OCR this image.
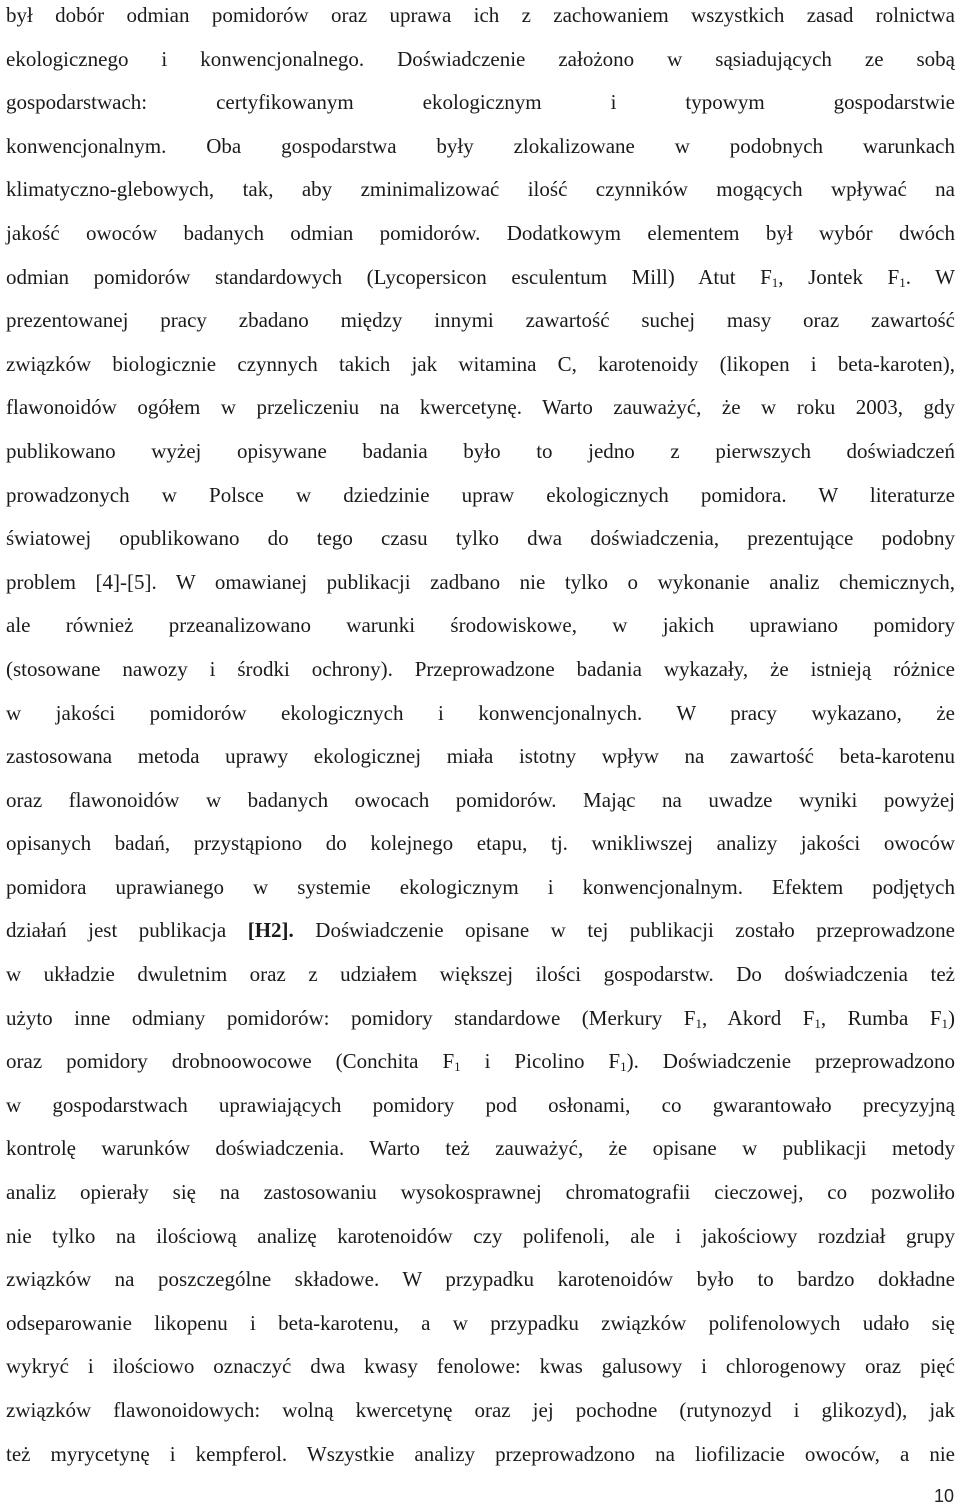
był dobór odmian pomidorów oraz uprawa ich z zachowaniem wszystkich zasad rolnictwa
ekologicznego i konwencjonalnego. Doświadczenie założono w sąsiadujących ze sobą
gospodarstwach: certyfikowanym ekologicznym i typowym gospodarstwie
konwencjonalnym. Oba gospodarstwa były zlokalizowane w podobnych warunkach
klimatyczno-glebowych, tak, aby zminimalizować ilość czynników mogących wpływać na
jakość owoców badanych odmian pomidorów. Dodatkowym elementem był wybór dwóch
odmian pomidorów standardowych (Lycopersicon esculentum Mill) Atut $F_1$, Jontek $F_1$. W
prezentowanej pracy zbadano między innymi zawartość suchej masy oraz zawartość
związków biologicznie czynnych takich jak witamina C, karotenoidy (likopen i beta-karoten),
flawonoidów ogółem w przeliczeniu na kwercetynę. Warto zauważyć, że w roku 2003, gdy
publikowano wyżej opisywane badania było to jedno z pierwszych doświadczeń
prowadzonych w Polsce w dziedzinie upraw ekologicznych pomidora. W literaturze
światowej opublikowano do tego czasu tylko dwa doświadczenia, prezentujące podobny
problem [4]-[5]. W omawianej publikacji zadbano nie tylko o wykonanie analiz chemicznych,
ale również przeanalizowano warunki środowiskowe, w jakich uprawiano pomidory
(stosowane nawozy i środki ochrony). Przeprowadzone badania wykazały, że istnieją różnice
w jakości pomidorów ekologicznych i konwencjonalnych. W pracy wykazano, że
zastosowana metoda uprawy ekologicznej miała istotny wpływ na zawartość beta-karotenu
oraz flawonoidów w badanych owocach pomidorów. Mając na uwadze wyniki powyżej
opisanych badań, przystąpiono do kolejnego etapu, tj. wnikliwszej analizy jakości owoców
pomidora uprawianego w systemie ekologicznym i konwencjonalnym. Efektem podjętych
działań jest publikacja [H2]. Doświadczenie opisane w tej publikacji zostało przeprowadzone
w układzie dwuletnim oraz z udziałem większej ilości gospodarstw. Do doświadczenia też
użyto inne odmiany pomidorów: pomidory standardowe (Merkury $F_1$, Akord $F_1$, Rumba $F_1$)
oraz pomidory drobnoowocowe (Conchita $F_1$ i Picolino $F_1$). Doświadczenie przeprowadzono
w gospodarstwach uprawiających pomidory pod osłonami, co gwarantowało precyzyjną
kontrolę warunków doświadczenia. Warto też zauważyć, że opisane w publikacji metody
analiz opierały się na zastosowaniu wysokosprawnej chromatografii cieczowej, co pozwoliło
nie tylko na ilościową analizę karotenoidów czy polifenoli, ale i jakościowy rozdział grupy
związków na poszczególne składowe. W przypadku karotenoidów było to bardzo dokładne
odseparowanie likopenu i beta-karotenu, a w przypadku związków polifenolowych udało się
wykryć i ilościowo oznaczyć dwa kwasy fenolowe: kwas galusowy i chlorogenowy oraz pięć
związków flawonoidowych: wolną kwercetynę oraz jej pochodne (rutynozyd i glikozyd), jak
też myrycetynę i kempferol. Wszystkie analizy przeprowadzono na liofilizacie owoców, a nie
10
